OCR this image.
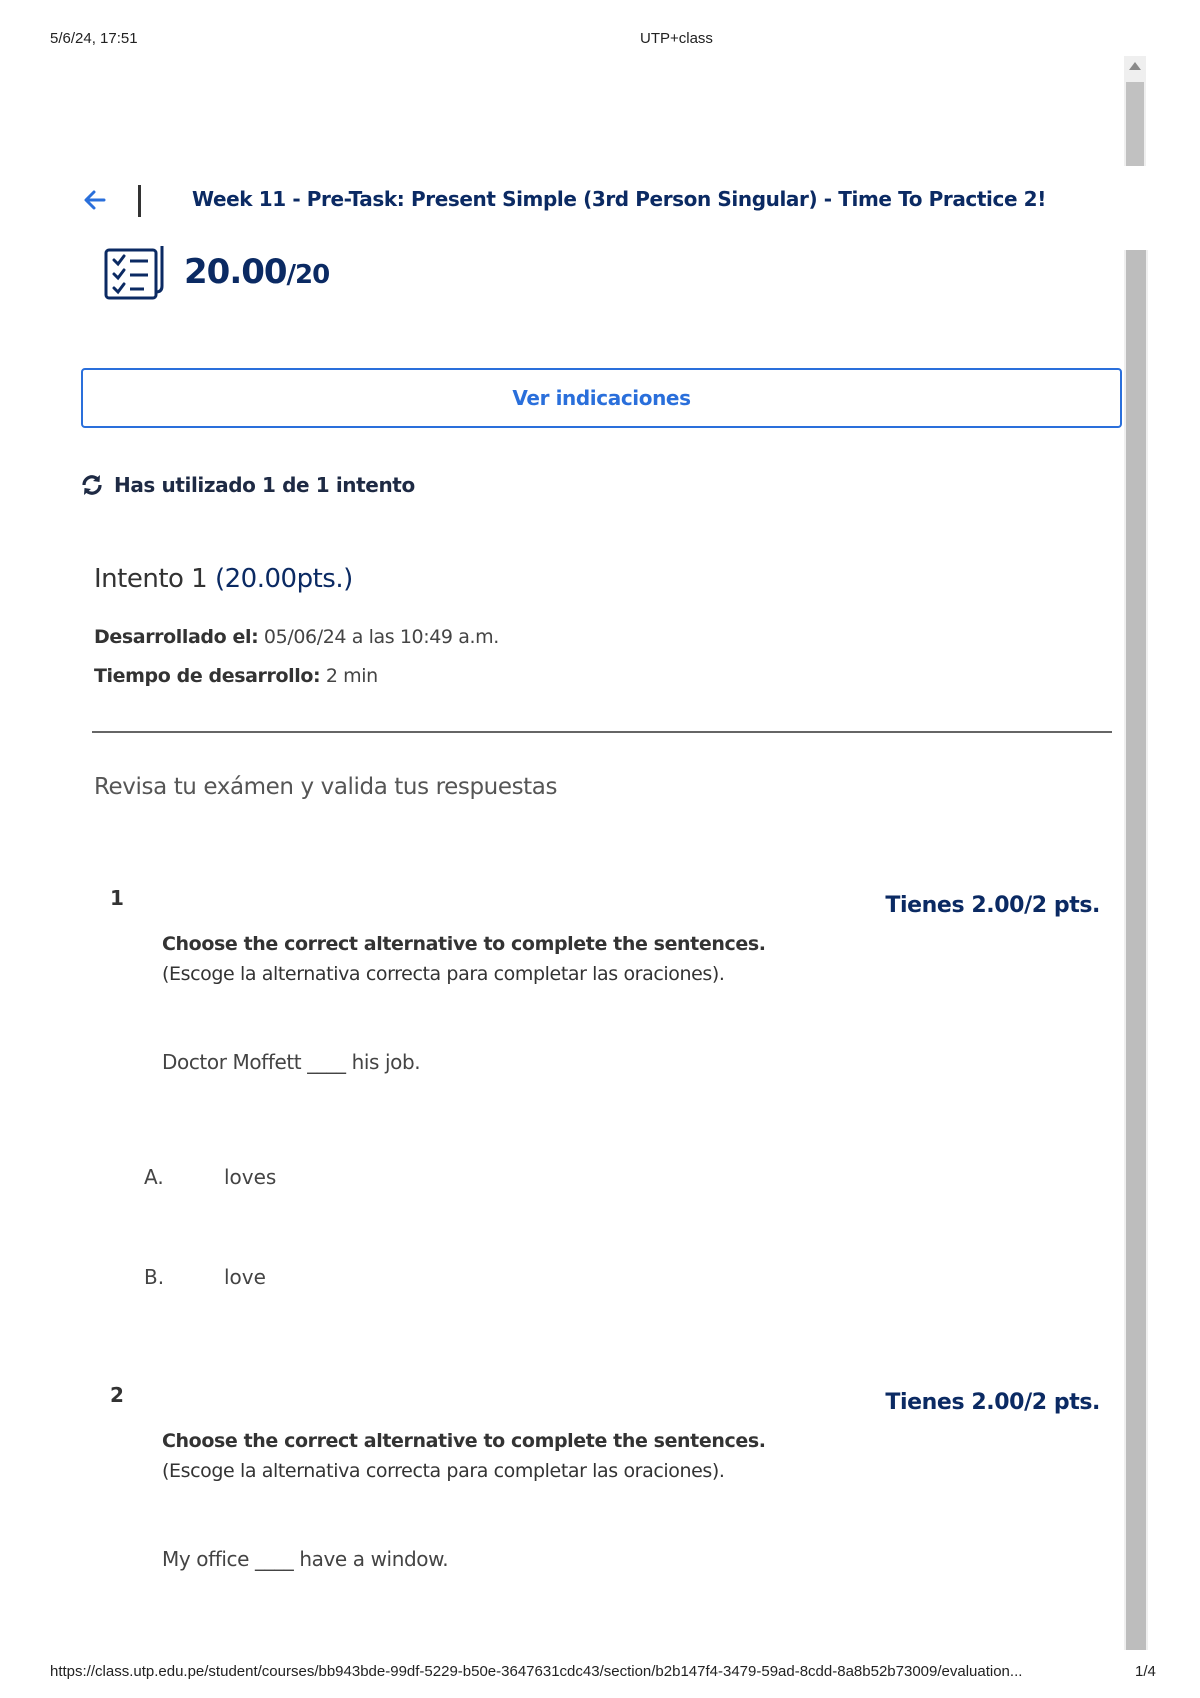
5/6/24, 17:51	UTP+class
Week 11 - Pre-Task: Present Simple (3rd Person Singular) - Time To Practice 2!
20.00/20
Ver indicaciones
Has utilizado 1 de 1 intento
Intento 1 (20.00pts.)
Desarrollado el: 05/06/24 a las 10:49 a.m.
Tiempo de desarrollo: 2 min
Revisa tu exámen y valida tus respuestas
1	Tienes 2.00/2 pts.
Choose the correct alternative to complete the sentences.
(Escoge la alternativa correcta para completar las oraciones).
Doctor Moffett ____ his job.
A.	loves
B.	love
2	Tienes 2.00/2 pts.
Choose the correct alternative to complete the sentences.
(Escoge la alternativa correcta para completar las oraciones).
My office ____ have a window.
https://class.utp.edu.pe/student/courses/bb943bde-99df-5229-b50e-3647631cdc43/section/b2b147f4-3479-59ad-8cdd-8a8b52b73009/evaluation...	1/4
